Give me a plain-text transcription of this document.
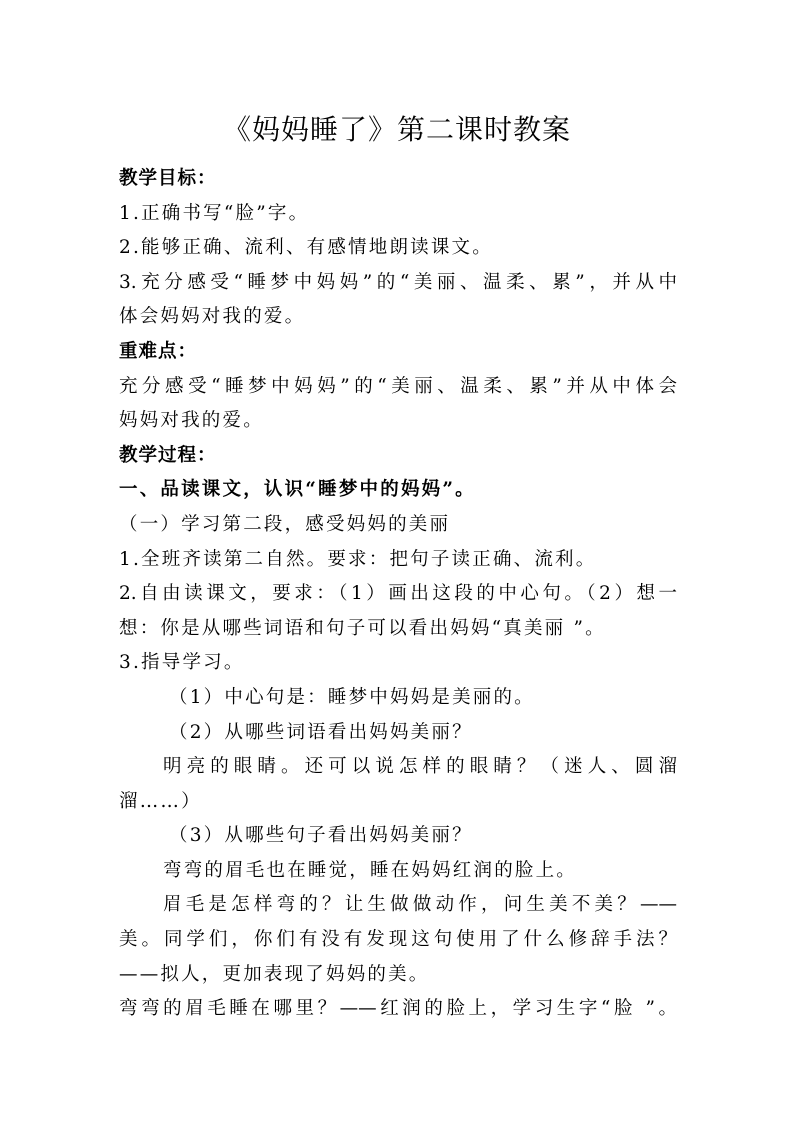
《妈妈睡了》第二课时教案
教学目标：
1.正确书写“脸”字。
2.能够正确、流利、有感情地朗读课文。
3.充分感受“睡梦中妈妈”的“美丽、温柔、累”，并从中
体会妈妈对我的爱。
重难点：
充分感受“睡梦中妈妈”的“美丽、温柔、累”并从中体会
妈妈对我的爱。
教学过程：
一、品读课文，认识“睡梦中的妈妈”。
（一）学习第二段，感受妈妈的美丽
1.全班齐读第二自然。要求：把句子读正确、流利。
2.自由读课文，要求：（1）画出这段的中心句。（2）想一
想：你是从哪些词语和句子可以看出妈妈“真美丽 ”。
3.指导学习。
（1）中心句是：睡梦中妈妈是美丽的。
（2）从哪些词语看出妈妈美丽？
明亮的眼睛。还可以说怎样的眼睛？（迷人、圆溜
溜……）
（3）从哪些句子看出妈妈美丽？
弯弯的眉毛也在睡觉，睡在妈妈红润的脸上。
眉毛是怎样弯的？让生做做动作，问生美不美？——
美。同学们，你们有没有发现这句使用了什么修辞手法？
——拟人，更加表现了妈妈的美。
弯弯的眉毛睡在哪里？——红润的脸上，学习生字“脸 ”。
